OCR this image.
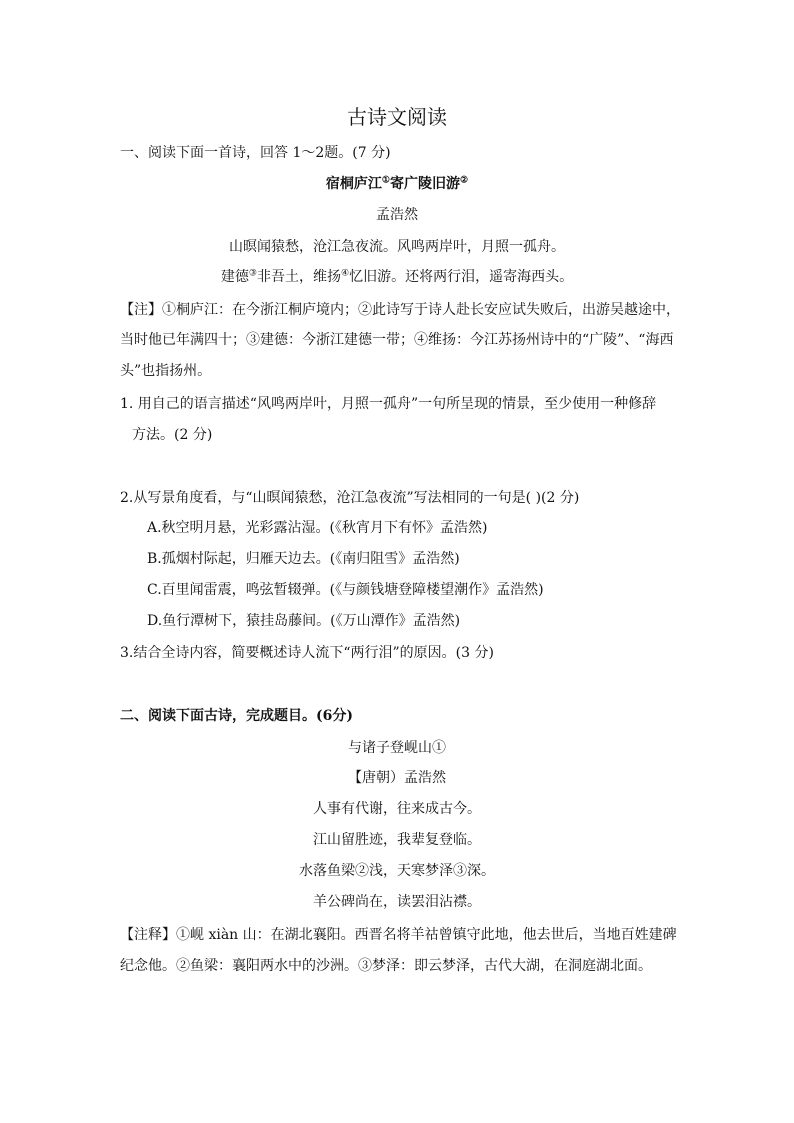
古诗文阅读
一、阅读下面一首诗，回答 1～2题。(7 分)
宿桐庐江①寄广陵旧游②
孟浩然
山暝闻猿愁，沧江急夜流。风鸣两岸叶，月照一孤舟。
建德③非吾土，维扬④忆旧游。还将两行泪，遥寄海西头。
【注】①桐庐江：在今浙江桐庐境内；②此诗写于诗人赴长安应试失败后，出游吴越途中，
当时他已年满四十；③建德：今浙江建德一带；④维扬：今江苏扬州诗中的“广陵”、“海西
头”也指扬州。
1. 用自己的语言描述“风鸣两岸叶，月照一孤舟”一句所呈现的情景，至少使用一种修辞
方法。(2 分)
2.从写景角度看，与“山暝闻猿愁，沧江急夜流”写法相同的一句是( )(2 分)
A.秋空明月悬，光彩露沾湿。(《秋宵月下有怀》孟浩然)
B.孤烟村际起，归雁天边去。(《南归阻雪》孟浩然)
C.百里闻雷震，鸣弦暂辍弹。(《与颜钱塘登障楼望潮作》孟浩然)
D.鱼行潭树下，猿挂岛藤间。(《万山潭作》孟浩然)
3.结合全诗内容，简要概述诗人流下“两行泪”的原因。(3 分)
二、阅读下面古诗，完成题目。(6分)
与诸子登岘山①
【唐朝）孟浩然
人事有代谢，往来成古今。
江山留胜迹，我辈复登临。
水落鱼梁②浅，天寒梦泽③深。
羊公碑尚在，读罢泪沾襟。
【注释】①岘 xiàn 山：在湖北襄阳。西晋名将羊祜曾镇守此地，他去世后，当地百姓建碑
纪念他。②鱼梁：襄阳两水中的沙洲。③梦泽：即云梦泽，古代大湖，在洞庭湖北面。
